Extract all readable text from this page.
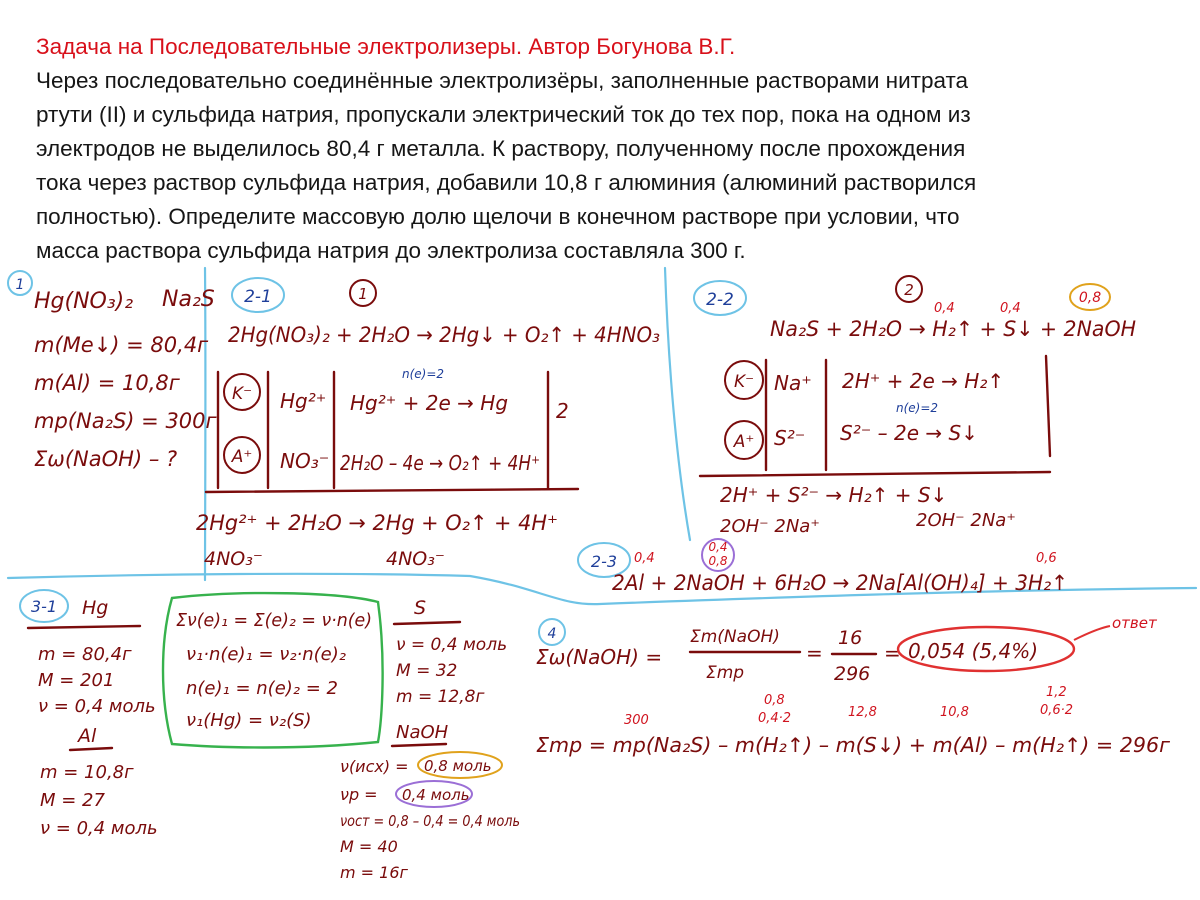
Задача на Последовательные электролизеры. Автор Богунова В.Г.
Через последовательно соединённые электролизёры, заполненные растворами нитрата
ртути (II) и сульфида натрия, пропускали электрический ток до тех пор, пока на одном из
электродов не выделилось 80,4 г металла. К раствору, полученному после прохождения
тока через раствор сульфида натрия, добавили 10,8 г алюминия (алюминий растворился
полностью). Определите массовую долю щелочи в конечном растворе при условии, что
масса раствора сульфида натрия до электролиза составляла 300 г.
1
Hg(NO₃)₂
m(Me↓) = 80,4г
m(Al) = 10,8г
mр(Na₂S) = 300г
Σω(NaOH) – ?
Na₂S 2-1	1
2Hg(NO₃)₂ + 2H₂O → 2Hg↓ + O₂↑ + 4HNO₃
K⁻
A⁺
Hg²⁺
NO₃⁻
n(e)=2
Hg²⁺ + 2e → Hg
2H₂O – 4e → O₂↑ + 4H⁺
2
2Hg²⁺ + 2H₂O → 2Hg + O₂↑ + 4H⁺
4NO₃⁻	4NO₃⁻
2-2	2
0,4	0,4
0,8
Na₂S + 2H₂O → H₂↑ + S↓ + 2NaOH
K⁻
A⁺
Na⁺
S²⁻
2H⁺ + 2e → H₂↑
n(e)=2
S²⁻ – 2e → S↓
2H⁺ + S²⁻ → H₂↑ + S↓
2OH⁻ 2Na⁺	2OH⁻ 2Na⁺
2-3 0,4
0,4
0,8	0,6
2Al + 2NaOH + 6H₂O → 2Na[Al(OH)₄] + 3H₂↑
3-1 Hg
m = 80,4г
M = 201
ν = 0,4 моль
Al
m = 10,8г
M = 27
ν = 0,4 моль
Σν(e)₁ = Σ(e)₂ = ν·n(e)
ν₁·n(e)₁ = ν₂·n(e)₂
n(e)₁ = n(e)₂ = 2
ν₁(Hg) = ν₂(S)
S
ν = 0,4 моль
M = 32
m = 12,8г
NaOH
ν(исх) = 0,8 моль
νр = 0,4 моль
νост = 0,8 – 0,4 = 0,4 моль
M = 40
m = 16г
4
Σω(NaOH) =
Σm(NaOH)
Σmр
=
16
296
= 0,054 (5,4%)
ответ
300
0,8
0,4·2	12,8	10,8
1,2
0,6·2
Σmр = mр(Na₂S) – m(H₂↑) – m(S↓) + m(Al) – m(H₂↑) = 296г
